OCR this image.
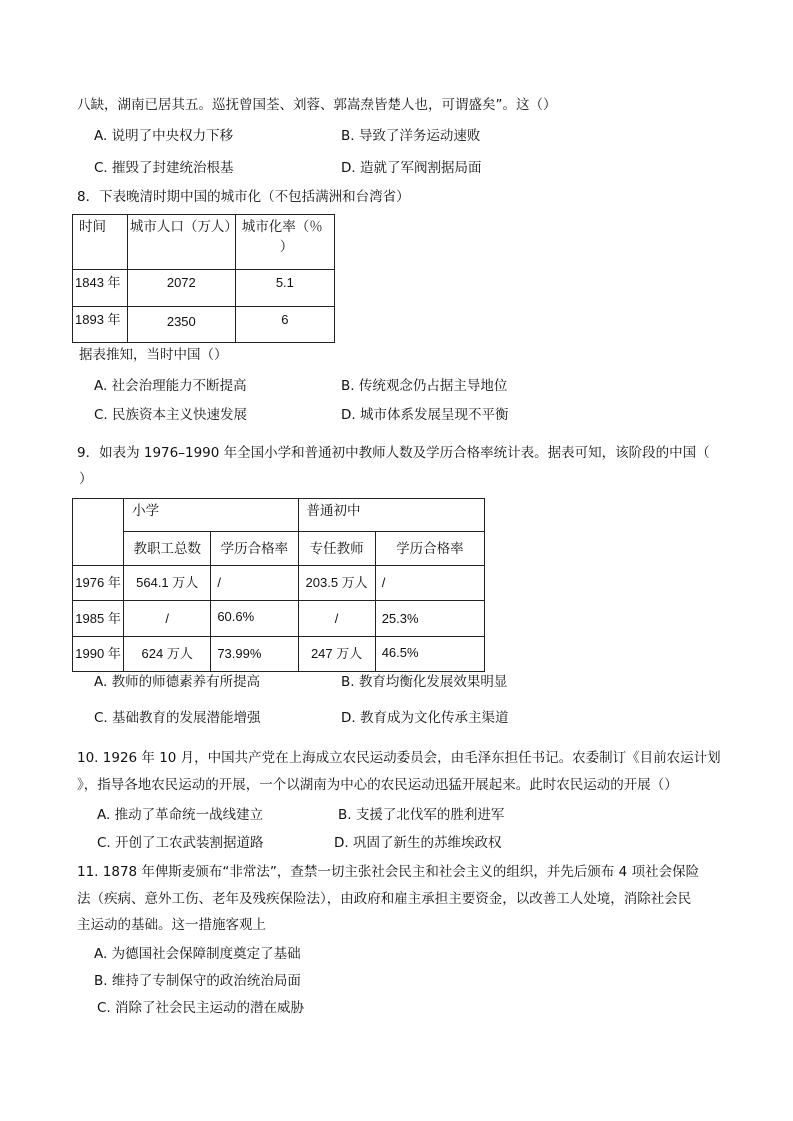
八缺，湖南已居其五。巡抚曾国荃、刘蓉、郭嵩焘皆楚人也，可谓盛矣”。这（）
A. 说明了中央权力下移	B. 导致了洋务运动速败
C. 摧毁了封建统治根基	D. 造就了军阀割据局面
8．下表晚清时期中国的城市化（不包括满洲和台湾省）
时间	城市人口（万人）	城市化率（％
）

1843 年	2072	5.1
1893 年	2350	6
据表推知，当时中国（）
A. 社会治理能力不断提高	B. 传统观念仍占据主导地位
C. 民族资本主义快速发展	D. 城市体系发展呈现不平衡
9．如表为 1976–1990 年全国小学和普通初中教师人数及学历合格率统计表。据表可知，该阶段的中国（
）
	小学		普通初中	
	教职工总数	学历合格率	专任教师	学历合格率
1976 年	564.1 万人	/	203.5 万人	/
1985 年	/	60.6%	/	25.3%
1990 年	624 万人	73.99%	247 万人	46.5%
A. 教师的师德素养有所提高	B. 教育均衡化发展效果明显
C. 基础教育的发展潜能增强	D. 教育成为文化传承主渠道
10. 1926 年 10 月，中国共产党在上海成立农民运动委员会，由毛泽东担任书记。农委制订《目前农运计划
》，指导各地农民运动的开展，一个以湖南为中心的农民运动迅猛开展起来。此时农民运动的开展（）
A. 推动了革命统一战线建立	B. 支援了北伐军的胜利进军
C. 开创了工农武装割据道路	D. 巩固了新生的苏维埃政权
11. 1878 年俾斯麦颁布“非常法”，查禁一切主张社会民主和社会主义的组织，并先后颁布 4 项社会保险
法（疾病、意外工伤、老年及残疾保险法），由政府和雇主承担主要资金，以改善工人处境，消除社会民
主运动的基础。这一措施客观上
A. 为德国社会保障制度奠定了基础
B. 维持了专制保守的政治统治局面
C. 消除了社会民主运动的潜在威胁
